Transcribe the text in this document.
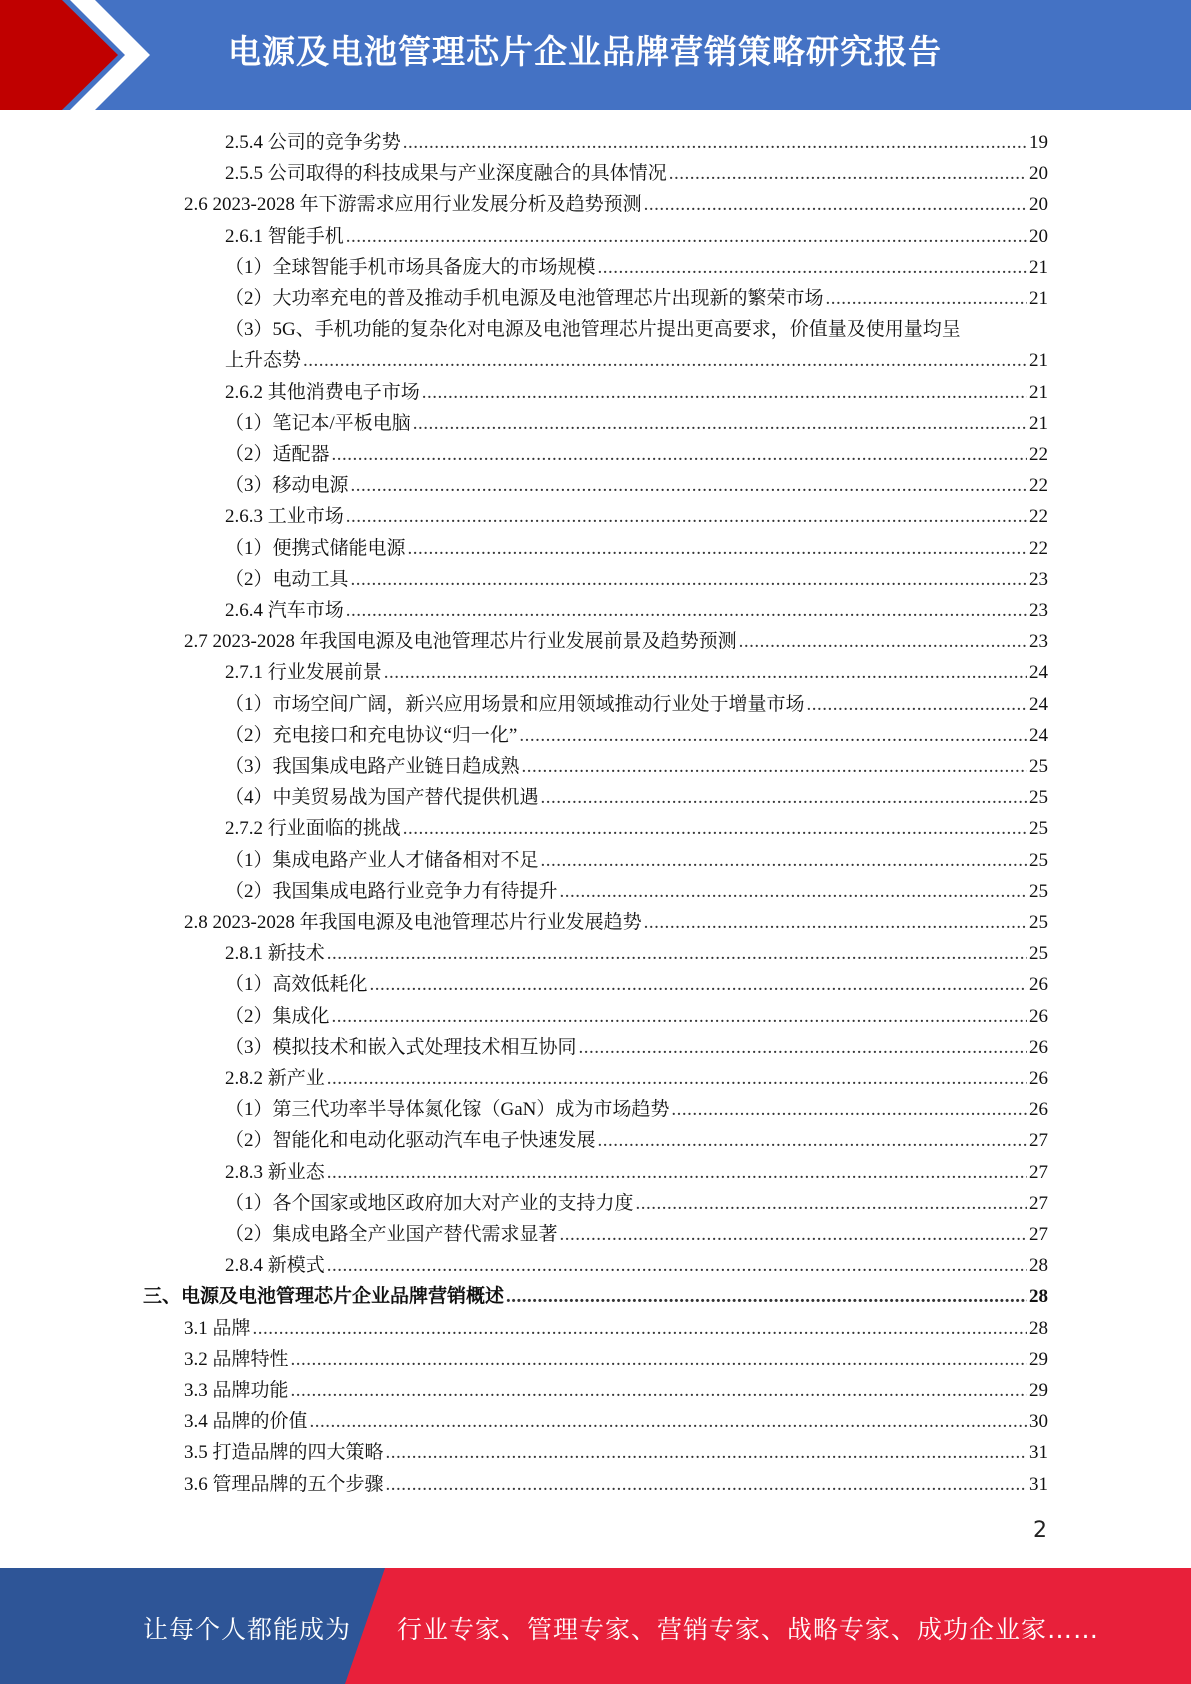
电源及电池管理芯片企业品牌营销策略研究报告
2.5.4 公司的竞争劣势 .....	19
2.5.5 公司取得的科技成果与产业深度融合的具体情况 .....	20
2.6 2023-2028 年下游需求应用行业发展分析及趋势预测 .....	20
2.6.1 智能手机 .....	20
（1）全球智能手机市场具备庞大的市场规模 .....	21
（2）大功率充电的普及推动手机电源及电池管理芯片出现新的繁荣市场 .....	21
（3）5G、手机功能的复杂化对电源及电池管理芯片提出更高要求，价值量及使用量均呈
上升态势 .....	21
2.6.2 其他消费电子市场 .....	21
（1）笔记本/平板电脑 .....	21
（2）适配器 .....	22
（3）移动电源 .....	22
2.6.3 工业市场 .....	22
（1）便携式储能电源 .....	22
（2）电动工具 .....	23
2.6.4 汽车市场 .....	23
2.7 2023-2028 年我国电源及电池管理芯片行业发展前景及趋势预测 .....	23
2.7.1 行业发展前景 .....	24
（1）市场空间广阔，新兴应用场景和应用领域推动行业处于增量市场 .....	24
（2）充电接口和充电协议“归一化” .....	24
（3）我国集成电路产业链日趋成熟 .....	25
（4）中美贸易战为国产替代提供机遇 .....	25
2.7.2 行业面临的挑战 .....	25
（1）集成电路产业人才储备相对不足 .....	25
（2）我国集成电路行业竞争力有待提升 .....	25
2.8 2023-2028 年我国电源及电池管理芯片行业发展趋势 .....	25
2.8.1 新技术 .....	25
（1）高效低耗化 .....	26
（2）集成化 .....	26
（3）模拟技术和嵌入式处理技术相互协同 .....	26
2.8.2 新产业 .....	26
（1）第三代功率半导体氮化镓（GaN）成为市场趋势 .....	26
（2）智能化和电动化驱动汽车电子快速发展 .....	27
2.8.3 新业态 .....	27
（1）各个国家或地区政府加大对产业的支持力度 .....	27
（2）集成电路全产业国产替代需求显著 .....	27
2.8.4 新模式 .....	28
三、电源及电池管理芯片企业品牌营销概述 .....	28
3.1 品牌 .....	28
3.2 品牌特性 .....	29
3.3 品牌功能 .....	29
3.4 品牌的价值 .....	30
3.5 打造品牌的四大策略 .....	31
3.6 管理品牌的五个步骤 .....	31
2
让每个人都能成为 行业专家、管理专家、营销专家、战略专家、成功企业家……
